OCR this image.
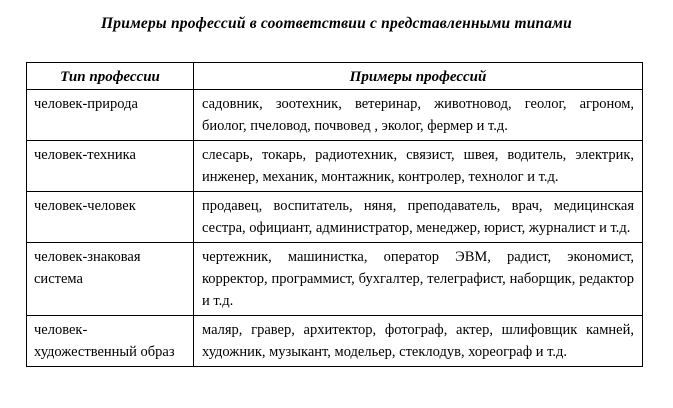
Примеры профессий в соответствии с представленными типами
Тип профессии	Примеры профессий
человек-природа	садовник, зоотехник, ветеринар, животновод, геолог, агроном, биолог, пчеловод, почвовед , эколог, фермер и т.д.
человек-техника	слесарь, токарь, радиотехник, связист, швея, водитель, электрик, инженер, механик, монтажник, контролер, технолог и т.д.
человек-человек	продавец, воспитатель, няня, преподаватель, врач, медицинская сестра, официант, администратор, менеджер, юрист, журналист и т.д.
человек-знаковая система	чертежник, машинистка, оператор ЭВМ, радист, экономист, корректор, программист, бухгалтер, телеграфист, наборщик, редактор и т.д.
человек-художественный образ	маляр, гравер, архитектор, фотограф, актер, шлифовщик камней, художник, музыкант, модельер, стеклодув, хореограф и т.д.
